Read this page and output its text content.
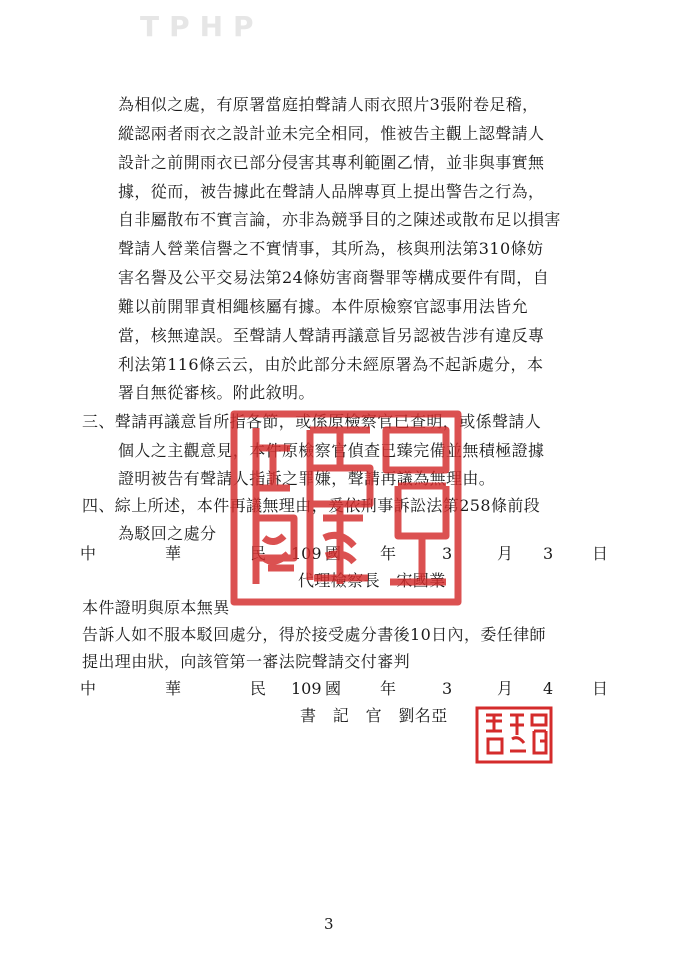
TPHP
為相似之處，有原署當庭拍聲請人雨衣照片3張附卷足稽，
縱認兩者雨衣之設計並未完全相同，惟被告主觀上認聲請人
設計之前開雨衣已部分侵害其專利範圍乙情，並非與事實無
據，從而，被告據此在聲請人品牌專頁上提出警告之行為，
自非屬散布不實言論，亦非為競爭目的之陳述或散布足以損害
聲請人營業信譽之不實情事，其所為，核與刑法第310條妨
害名譽及公平交易法第24條妨害商譽罪等構成要件有間，自
難以前開罪責相繩核屬有據。本件原檢察官認事用法皆允
當，核無違誤。至聲請人聲請再議意旨另認被告涉有違反專
利法第116條云云，由於此部分未經原署為不起訴處分，本
署自無從審核。附此敘明。
三、聲請再議意旨所指各節，或係原檢察官已查明，或係聲請人
個人之主觀意見，本件原檢察官偵查已臻完備並無積極證據
證明被告有聲請人指訴之罪嫌，聲請再議為無理由。
四、綜上所述，本件再議無理由，爰依刑事訴訟法第258條前段
為駁回之處分
中	華	民	國
109	年	3	月 3 日
代理檢察長　宋國業
本件證明與原本無異
告訴人如不服本駁回處分，得於接受處分書後10日內，委任律師
提出理由狀，向該管第一審法院聲請交付審判
中	華	民	國
109	年	3	月 4 日
書　記　官　劉名亞
3
